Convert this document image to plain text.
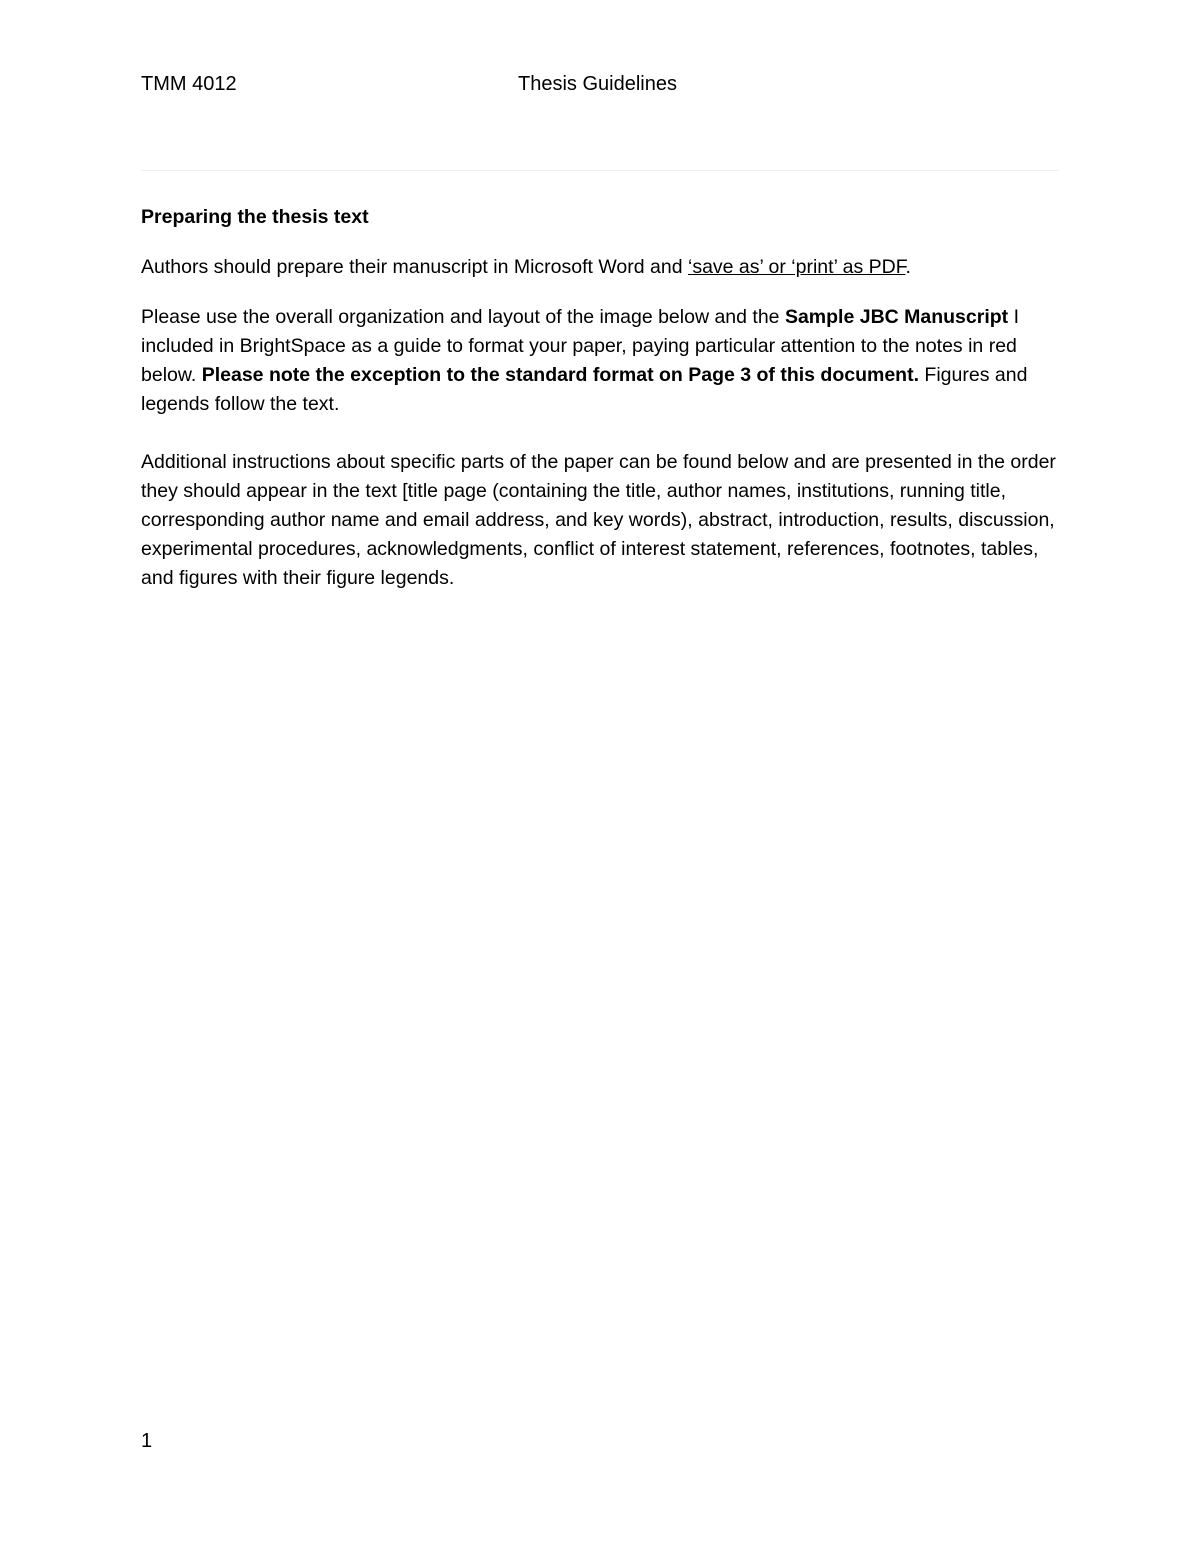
TMM 4012	Thesis Guidelines

Preparing the thesis text

Authors should prepare their manuscript in Microsoft Word and ‘save as’ or ‘print’ as PDF.

Please use the overall organization and layout of the image below and the Sample JBC Manuscript I included in BrightSpace as a guide to format your paper, paying particular attention to the notes in red below. Please note the exception to the standard format on Page 3 of this document. Figures and legends follow the text.

Additional instructions about specific parts of the paper can be found below and are presented in the order they should appear in the text [title page (containing the title, author names, institutions, running title, corresponding author name and email address, and key words), abstract, introduction, results, discussion, experimental procedures, acknowledgments, conflict of interest statement, references, footnotes, tables, and figures with their figure legends.

1
